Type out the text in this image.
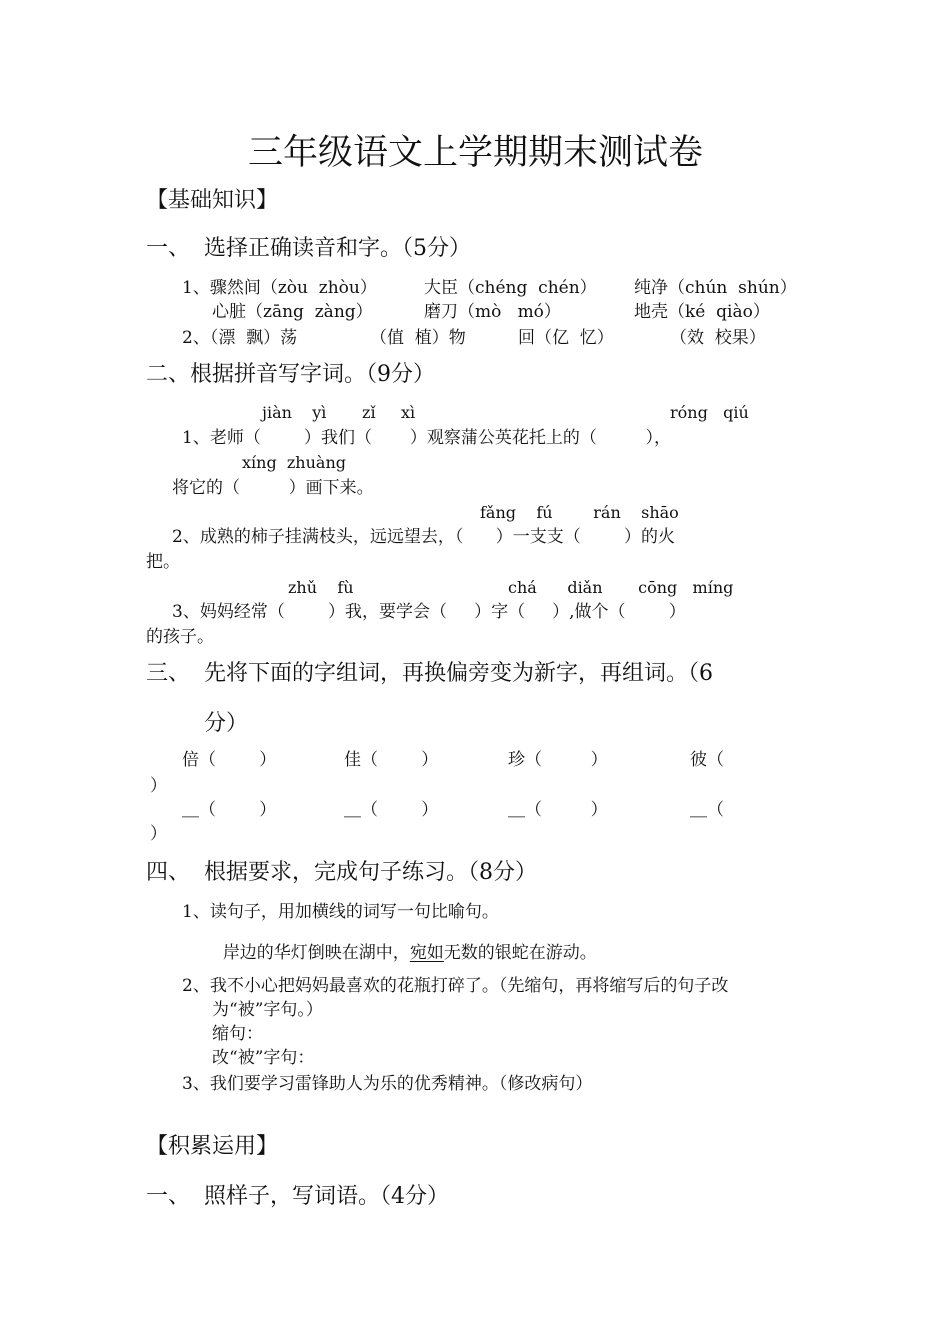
三年级语文上学期期末测试卷
【基础知识】
一、  选择正确读音和字。（5分）
1、骤然间（zòu  zhòu）	大臣（chéng  chén） 纯净（chún  shún）
心脏（zāng  zàng）	磨刀（mò   mó）	地壳（ké  qiào）
2、（漂  飘）荡	（值  植）物	回（亿  忆）	（效  校果）
二、根据拼音写字词。（9分）
jiàn    yì       zǐ     xì	róng   qiú
1、老师（        ）我们（       ）观察蒲公英花托上的（         ），
xíng  zhuàng
将它的（         ）画下来。
fǎng    fú        rán    shāo
2、成熟的柿子挂满枝头，远远望去，（      ）一支支（        ）的火
把。
zhǔ    fù	chá      diǎn       cōng   míng
3、妈妈经常（        ）我，要学会（     ）字（     ）,做个（        ）
的孩子。
三、  先将下面的字组词，再换偏旁变为新字，再组词。（6
分）
倍（        ）	佳（        ）	珍（         ）	彼（
）
＿（        ）	＿（        ）	＿（         ）	＿（
）
四、  根据要求，完成句子练习。（8分）
1、读句子，用加横线的词写一句比喻句。

岸边的华灯倒映在湖中，宛如无数的银蛇在游动。

2、我不小心把妈妈最喜欢的花瓶打碎了。（先缩句，再将缩写后的句子改
为“被”字句。）
缩句：
改“被”字句：
3、我们要学习雷锋助人为乐的优秀精神。（修改病句）
【积累运用】
一、  照样子，写词语。（4分）
